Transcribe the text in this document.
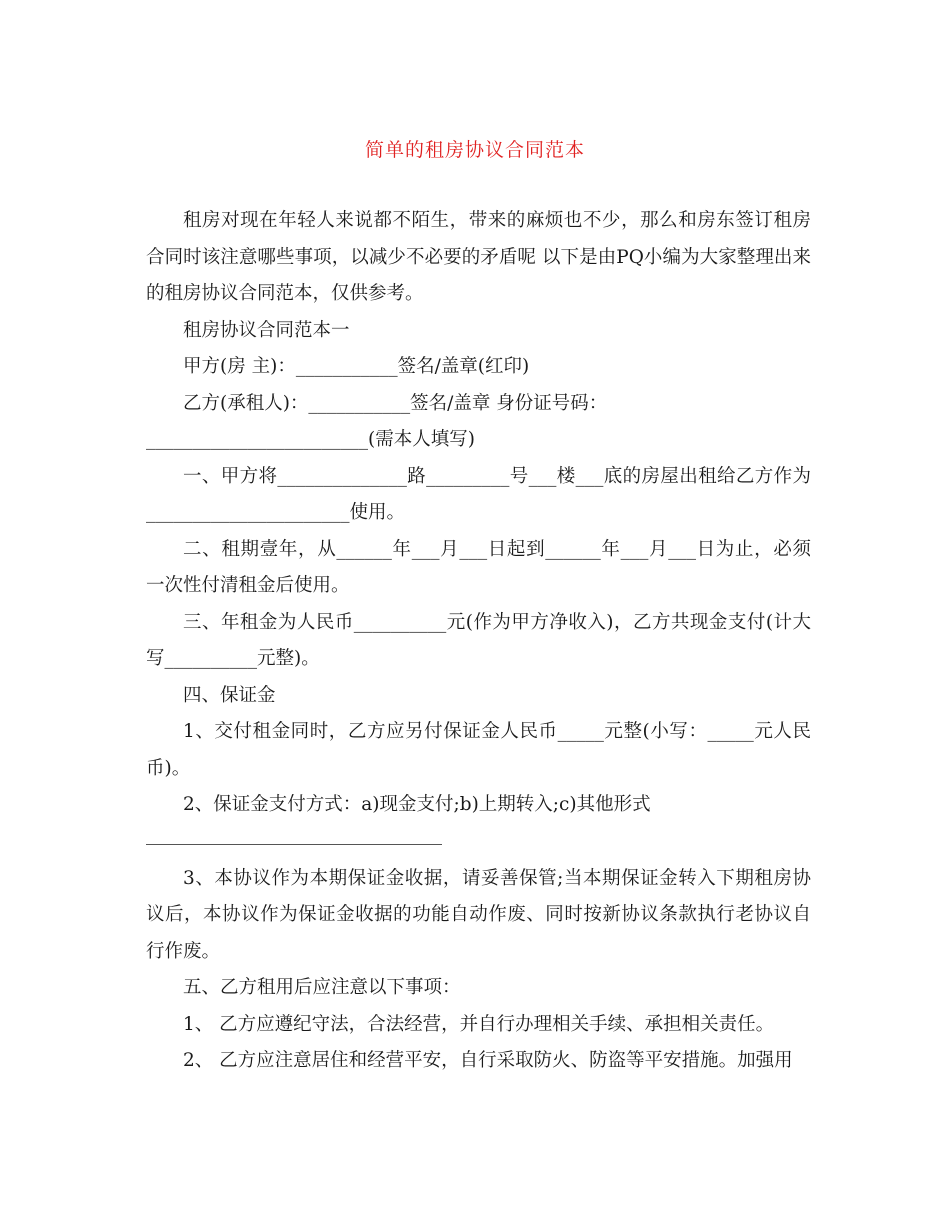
简单的租房协议合同范本

租房对现在年轻人来说都不陌生，带来的麻烦也不少，那么和房东签订租房合同时该注意哪些事项，以减少不必要的矛盾呢 以下是由PQ小编为大家整理出来的租房协议合同范本，仅供参考。

租房协议合同范本一

甲方(房 主)：___________签名/盖章(红印)

乙方(承租人)：___________签名/盖章 身份证号码：

________________________(需本人填写)

一、甲方将______________路_________号___楼___底的房屋出租给乙方作为______________________使用。

二、租期壹年，从______年___月___日起到______年___月___日为止，必须一次性付清租金后使用。

三、年租金为人民币__________元(作为甲方净收入)，乙方共现金支付(计大写__________元整)。

四、保证金

1、交付租金同时，乙方应另付保证金人民币_____元整(小写：_____元人民币)。

2、保证金支付方式：a)现金支付;b)上期转入;c)其他形式

3、本协议作为本期保证金收据，请妥善保管;当本期保证金转入下期租房协议后，本协议作为保证金收据的功能自动作废、同时按新协议条款执行老协议自行作废。

五、乙方租用后应注意以下事项：

1、 乙方应遵纪守法，合法经营，并自行办理相关手续、承担相关责任。

2、 乙方应注意居住和经营平安，自行采取防火、防盗等平安措施。加强用
